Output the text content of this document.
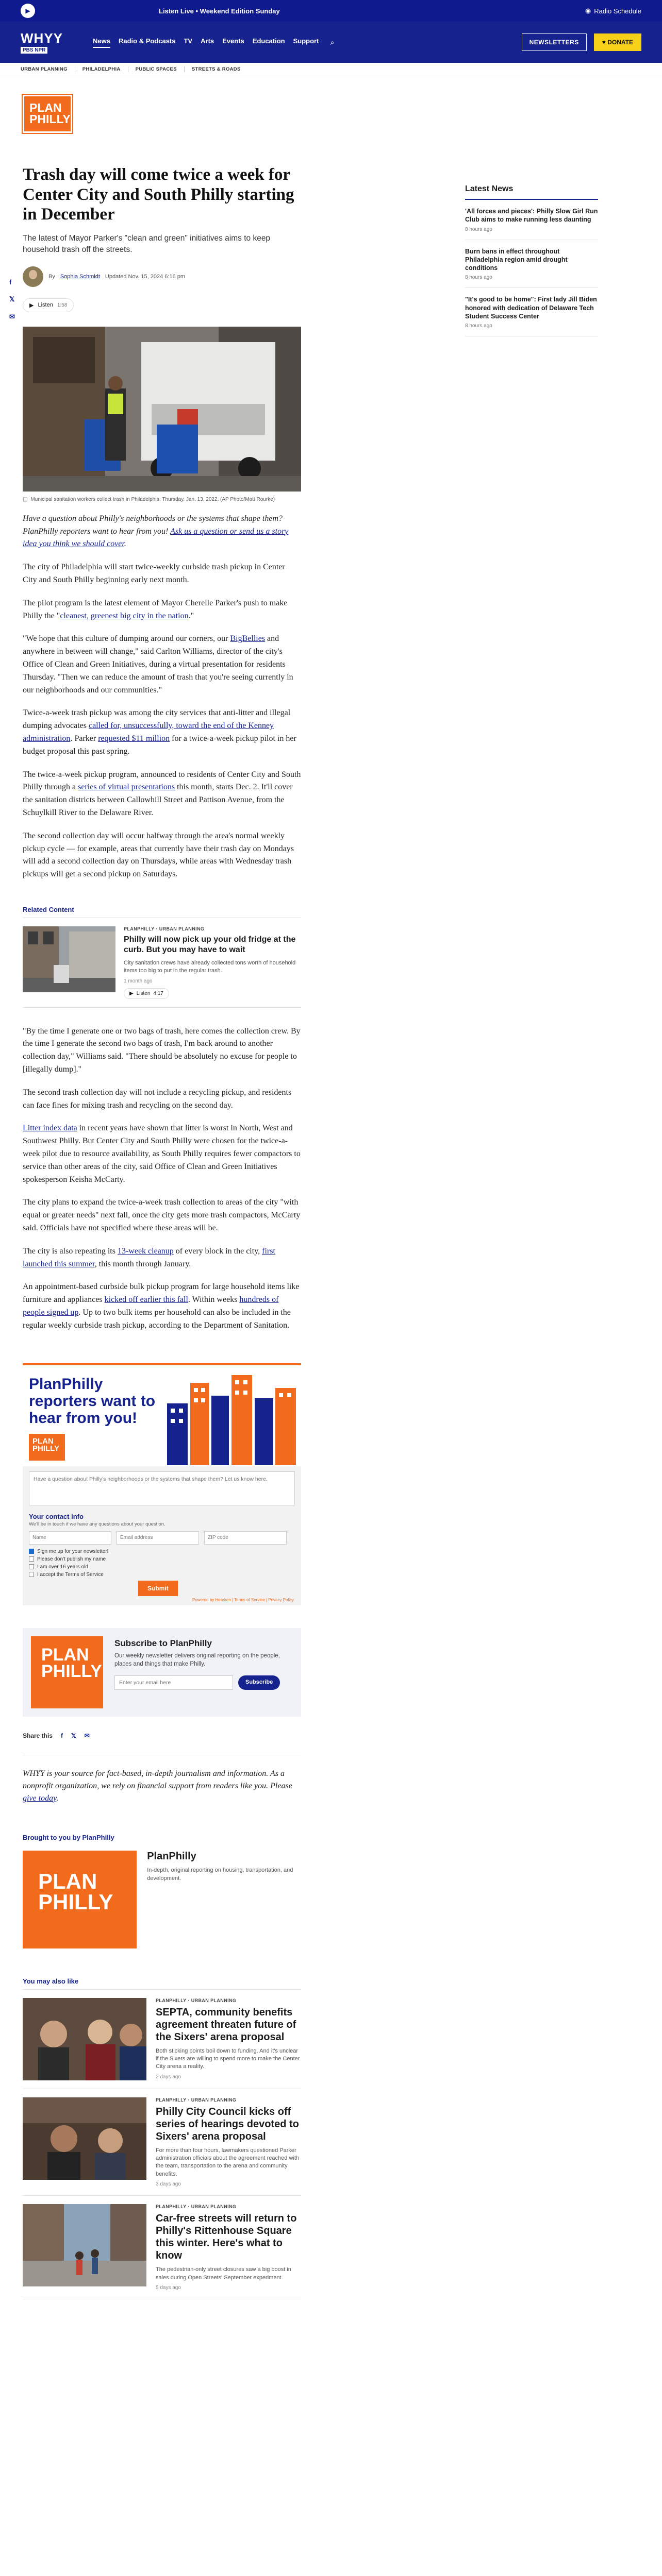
▶	Listen Live • Weekend Edition Sunday	◉ Radio Schedule
WHYY
PBS NPR
News Radio & Podcasts TV Arts Events Education Support ⌕	NEWSLETTERS	♥ DONATE
URBAN PLANNING	PHILADELPHIA	PUBLIC SPACES	STREETS & ROADS
PLAN
PHILLY
f
𝕏
✉
Trash day will come twice a week for Center City and South Philly starting in December

The latest of Mayor Parker's "clean and green" initiatives aims to keep household trash off the streets.

By Sophia Schmidt Updated Nov. 15, 2024 6:16 pm
▶ Listen 1:58
◫ Municipal sanitation workers collect trash in Philadelphia, Thursday, Jan. 13, 2022. (AP Photo/Matt Rourke)

Have a question about Philly's neighborhoods or the systems that shape them? PlanPhilly reporters want to hear from you! Ask us a question or send us a story idea you think we should cover.

The city of Philadelphia will start twice-weekly curbside trash pickup in Center City and South Philly beginning early next month.

The pilot program is the latest element of Mayor Cherelle Parker's push to make Philly the "cleanest, greenest big city in the nation."

"We hope that this culture of dumping around our corners, our BigBellies and anywhere in between will change," said Carlton Williams, director of the city's Office of Clean and Green Initiatives, during a virtual presentation for residents Thursday. "Then we can reduce the amount of trash that you're seeing currently in our neighborhoods and our communities."

Twice-a-week trash pickup was among the city services that anti-litter and illegal dumping advocates called for, unsuccessfully, toward the end of the Kenney administration. Parker requested $11 million for a twice-a-week pickup pilot in her budget proposal this past spring.

The twice-a-week pickup program, announced to residents of Center City and South Philly through a series of virtual presentations this month, starts Dec. 2. It'll cover the sanitation districts between Callowhill Street and Pattison Avenue, from the Schuylkill River to the Delaware River.

The second collection day will occur halfway through the area's normal weekly pickup cycle — for example, areas that currently have their trash day on Mondays will add a second collection day on Thursdays, while areas with Wednesday trash pickups will get a second pickup on Saturdays.

Related Content
PLANPHILLY · URBAN PLANNING
Philly will now pick up your old fridge at the curb. But you may have to wait
City sanitation crews have already collected tons worth of household items too big to put in the regular trash.
1 month ago
▶ Listen 4:17

"By the time I generate one or two bags of trash, here comes the collection crew. By the time I generate the second two bags of trash, I'm back around to another collection day," Williams said. "There should be absolutely no excuse for people to [illegally dump]."

The second trash collection day will not include a recycling pickup, and residents can face fines for mixing trash and recycling on the second day.

Litter index data in recent years have shown that litter is worst in North, West and Southwest Philly. But Center City and South Philly were chosen for the twice-a-week pilot due to resource availability, as South Philly requires fewer compactors to service than other areas of the city, said Office of Clean and Green Initiatives spokesperson Keisha McCarty.

The city plans to expand the twice-a-week trash collection to areas of the city "with equal or greater needs" next fall, once the city gets more trash compactors, McCarty said. Officials have not specified where these areas will be.

The city is also repeating its 13-week cleanup of every block in the city, first launched this summer, this month through January.

An appointment-based curbside bulk pickup program for large household items like furniture and appliances kicked off earlier this fall. Within weeks hundreds of people signed up. Up to two bulk items per household can also be included in the regular weekly curbside trash pickup, according to the Department of Sanitation.

PlanPhilly reporters want to hear from you!
PLAN
PHILLY
Have a question about Philly's neighborhoods or the systems that shape them? Let us know here.
Your contact info
We'll be in touch if we have any questions about your question.
Name
Email address
ZIP code
Sign me up for your newsletter!
Please don't publish my name
I am over 16 years old
I accept the Terms of Service
Submit
Powered by Hearken | Terms of Service | Privacy Policy
PLAN
PHILLY
Subscribe to PlanPhilly

Our weekly newsletter delivers original reporting on the people, places and things that make Philly.

Enter your email here
Subscribe
Share this f 𝕏 ✉

WHYY is your source for fact-based, in-depth journalism and information. As a nonprofit organization, we rely on financial support from readers like you. Please give today.

Brought to you by PlanPhilly
PLAN
PHILLY
PlanPhilly

In-depth, original reporting on housing, transportation, and development.

You may also like
PLANPHILLY · URBAN PLANNING
SEPTA, community benefits agreement threaten future of the Sixers' arena proposal
Both sticking points boil down to funding. And it's unclear if the Sixers are willing to spend more to make the Center City arena a reality.
2 days ago
PLANPHILLY · URBAN PLANNING
Philly City Council kicks off series of hearings devoted to Sixers' arena proposal
For more than four hours, lawmakers questioned Parker administration officials about the agreement reached with the team, transportation to the arena and community benefits.
3 days ago
PLANPHILLY · URBAN PLANNING
Car-free streets will return to Philly's Rittenhouse Square this winter. Here's what to know
The pedestrian-only street closures saw a big boost in sales during Open Streets' September experiment.
5 days ago
Latest News
'All forces and pieces': Philly Slow Girl Run Club aims to make running less daunting
8 hours ago
Burn bans in effect throughout Philadelphia region amid drought conditions
8 hours ago
"It's good to be home": First lady Jill Biden honored with dedication of Delaware Tech Student Success Center
8 hours ago
